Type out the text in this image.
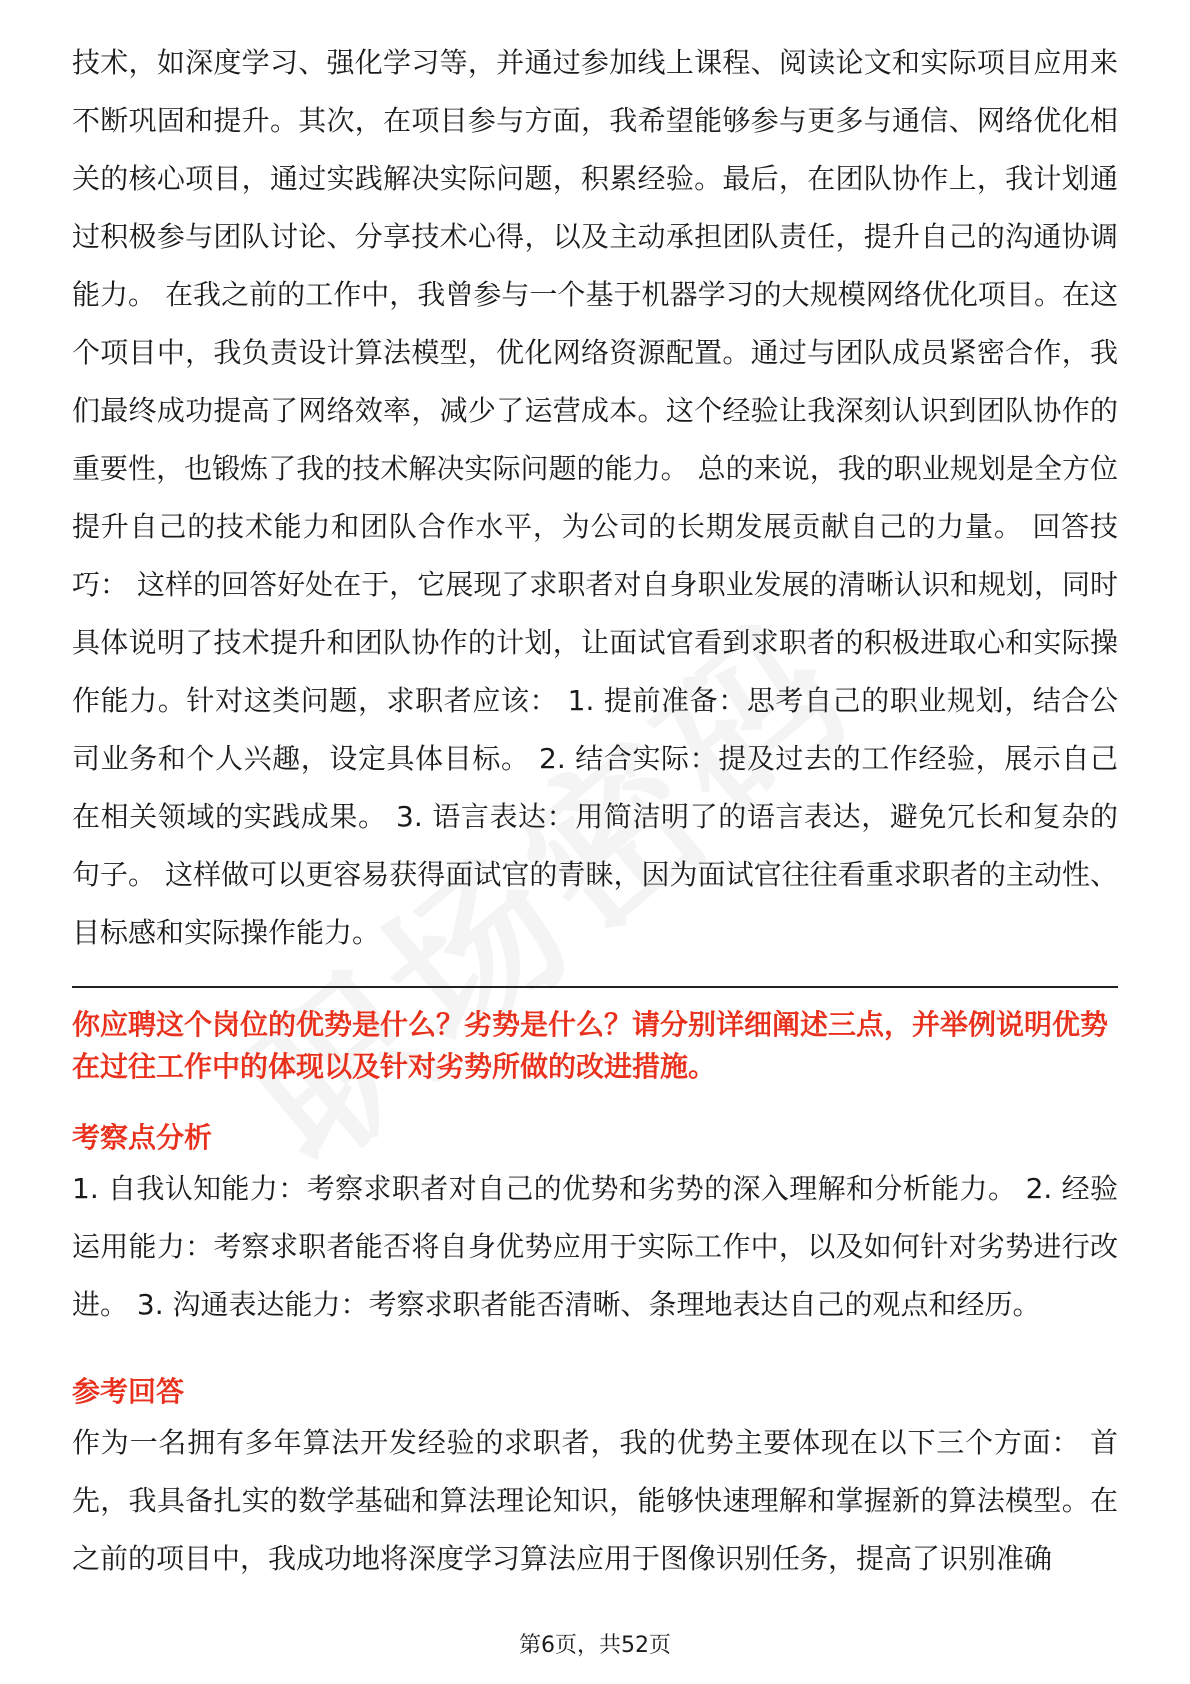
技术，如深度学习、强化学习等，并通过参加线上课程、阅读论文和实际项目应用来不断巩固和提升。其次，在项目参与方面，我希望能够参与更多与通信、网络优化相关的核心项目，通过实践解决实际问题，积累经验。最后，在团队协作上，我计划通过积极参与团队讨论、分享技术心得，以及主动承担团队责任，提升自己的沟通协调能力。 在我之前的工作中，我曾参与一个基于机器学习的大规模网络优化项目。在这个项目中，我负责设计算法模型，优化网络资源配置。通过与团队成员紧密合作，我们最终成功提高了网络效率，减少了运营成本。这个经验让我深刻认识到团队协作的重要性，也锻炼了我的技术解决实际问题的能力。 总的来说，我的职业规划是全方位提升自己的技术能力和团队合作水平，为公司的长期发展贡献自己的力量。 回答技巧： 这样的回答好处在于，它展现了求职者对自身职业发展的清晰认识和规划，同时具体说明了技术提升和团队协作的计划，让面试官看到求职者的积极进取心和实际操作能力。针对这类问题，求职者应该： 1. 提前准备：思考自己的职业规划，结合公司业务和个人兴趣，设定具体目标。 2. 结合实际：提及过去的工作经验，展示自己在相关领域的实践成果。 3. 语言表达：用简洁明了的语言表达，避免冗长和复杂的句子。 这样做可以更容易获得面试官的青睐，因为面试官往往看重求职者的主动性、目标感和实际操作能力。

你应聘这个岗位的优势是什么？劣势是什么？请分别详细阐述三点，并举例说明优势在过往工作中的体现以及针对劣势所做的改进措施。

考察点分析

1. 自我认知能力：考察求职者对自己的优势和劣势的深入理解和分析能力。 2. 经验运用能力：考察求职者能否将自身优势应用于实际工作中，以及如何针对劣势进行改进。 3. 沟通表达能力：考察求职者能否清晰、条理地表达自己的观点和经历。

参考回答

作为一名拥有多年算法开发经验的求职者，我的优势主要体现在以下三个方面： 首先，我具备扎实的数学基础和算法理论知识，能够快速理解和掌握新的算法模型。在之前的项目中，我成功地将深度学习算法应用于图像识别任务，提高了识别准确

第6页，共52页
